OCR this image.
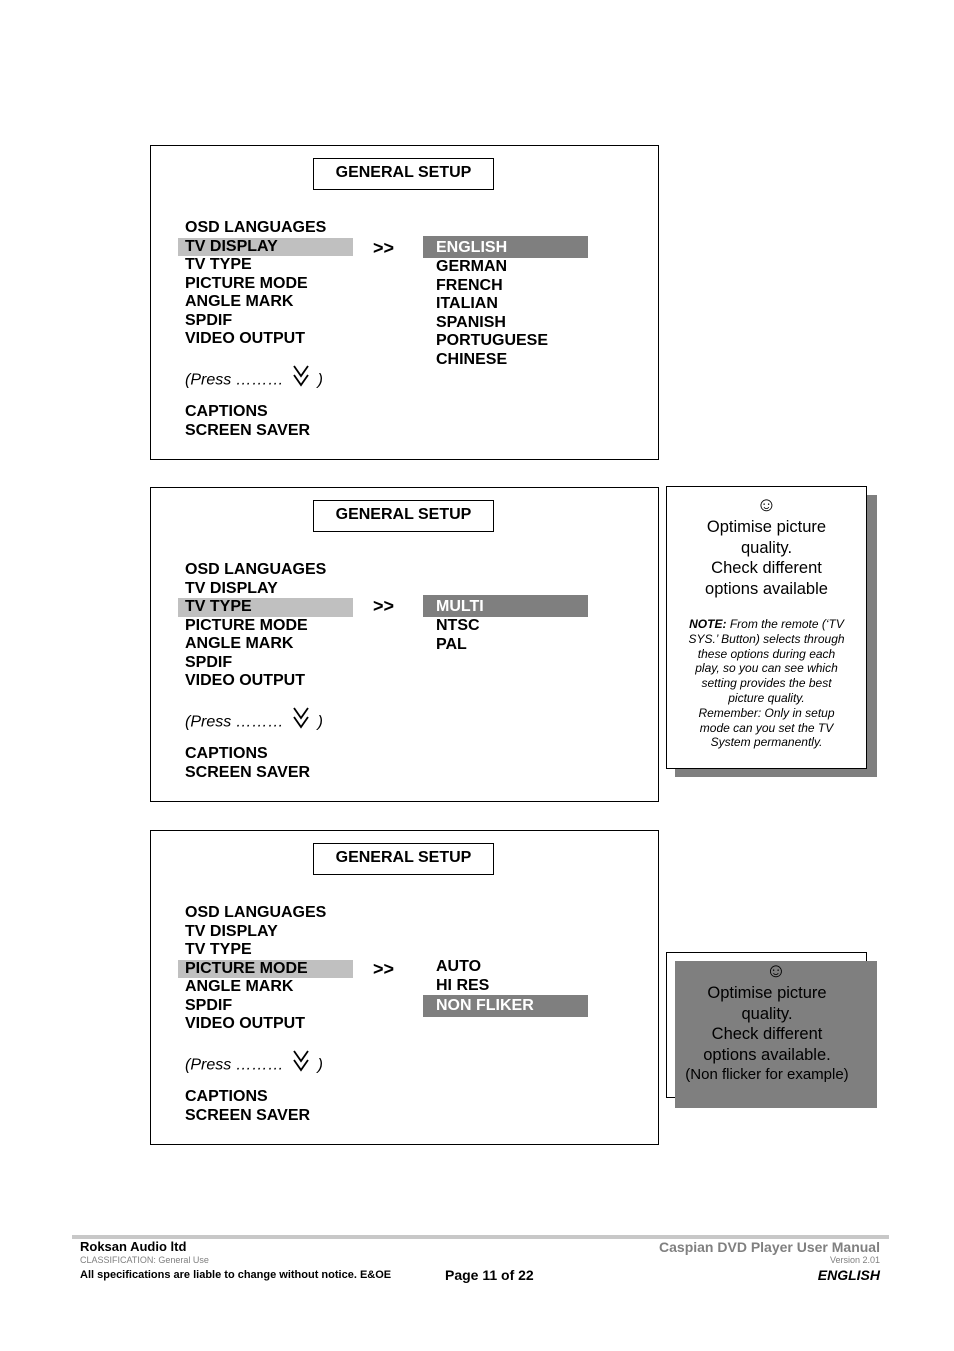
GENERAL SETUP
OSD LANGUAGES
TV DISPLAY
TV TYPE
PICTURE MODE
ANGLE MARK
SPDIF
VIDEO OUTPUT
(Press ……… )
CAPTIONS
SCREEN SAVER
>>	ENGLISH
GERMAN
FRENCH
ITALIAN
SPANISH
PORTUGUESE
CHINESE
GENERAL SETUP
OSD LANGUAGES
TV DISPLAY
TV TYPE
PICTURE MODE
ANGLE MARK
SPDIF
VIDEO OUTPUT
(Press ……… )
CAPTIONS
SCREEN SAVER
>>	MULTI
NTSC
PAL
☺
Optimise picture
quality.
Check different
options available
NOTE: From the remote (‘TV
SYS.’ Button) selects through
these options during each
play, so you can see which
setting provides the best
picture quality.
Remember: Only in setup
mode can you set the TV
System permanently.
GENERAL SETUP
OSD LANGUAGES
TV DISPLAY
TV TYPE
PICTURE MODE
ANGLE MARK
SPDIF
VIDEO OUTPUT
(Press ……… )
CAPTIONS
SCREEN SAVER
>>	AUTO
HI RES
NON FLIKER
☺
Optimise picture
quality.
Check different
options available.
(Non flicker for example)
Roksan Audio ltd
CLASSIFICATION: General Use
All specifications are liable to change without notice. E&OE	Page 11 of 22
Caspian DVD Player User Manual
Version 2.01
ENGLISH
